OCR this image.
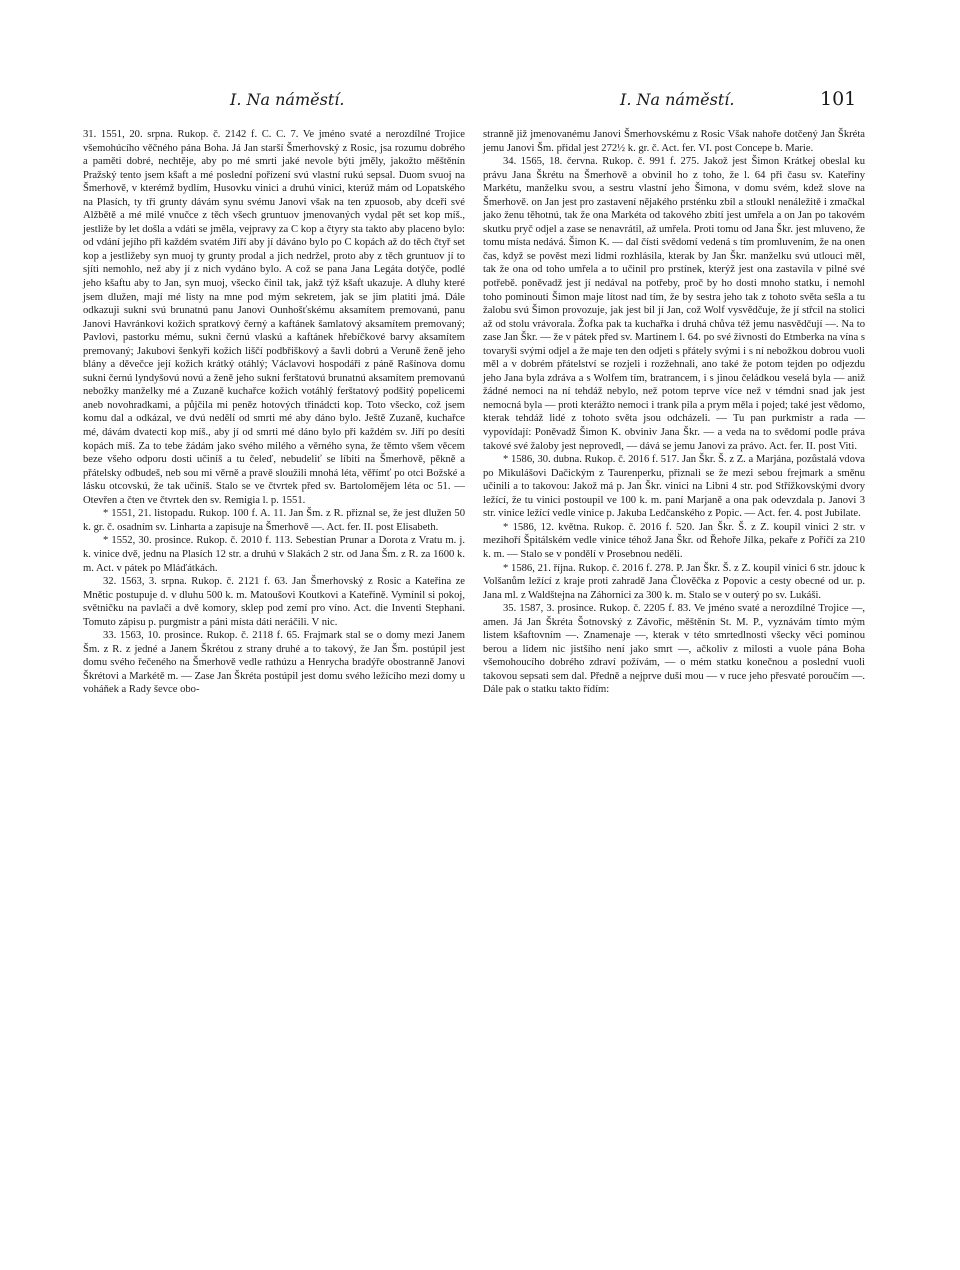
I. Na náměstí.	I. Na náměstí.	101

31. 1551, 20. srpna. Rukop. č. 2142 f. C. C. 7. Ve jméno svaté a nerozdílné Trojice všemohúcího věčného pána Boha. Já Jan starší Šmerhovský z Rosic, jsa rozumu dobrého a paměti dobré, nechtěje, aby po mé smrti jaké nevole býti jměly, jakožto měštěnín Pražský tento jsem kšaft a mé poslední pořízení svú vlastní rukú sepsal. Duom svuoj na Šmerhově, v kterémž bydlím, Husovku vinici a druhú vinici, kterúž mám od Lopatského na Plasích, ty tři grunty dávám synu svému Janovi však na ten zpuosob, aby dceři své Alžbětě a mé milé vnučce z těch všech gruntuov jmenovaných vydal pět set kop míš., jestliže by let došla a vdáti se jměla, vejpravy za C kop a čtyry sta takto aby placeno bylo: od vdání jejího při každém svatém Jiří aby jí dáváno bylo po C kopách až do těch čtyř set kop a jestližeby syn muoj ty grunty prodal a jich nedržel, proto aby z těch gruntuov jí to sjíti nemohlo, než aby jí z nich vydáno bylo. A což se pana Jana Legáta dotýče, podlé jeho kšaftu aby to Jan, syn muoj, všecko činil tak, jakž týž kšaft ukazuje. A dluhy které jsem dlužen, mají mé listy na mne pod mým sekretem, jak se jim platiti jmá. Dále odkazuji sukni svú brunatnú panu Janovi Ounhošťskému aksamítem premovanú, panu Janovi Havránkovi kožich spratkový černý a kaftánek šamlatový aksamítem premovaný; Pavlovi, pastorku mému, sukni černú vlaskú a kaftánek hřebíčkové barvy aksamítem premovaný; Jakubovi šenkyři kožich liščí podbřiškový a šavli dobrú a Veruně ženě jeho blány a děvečce její kožich krátký otáhlý; Václavovi hospodáři z páně Rašínova domu sukni černú lyndyšovú novú a ženě jeho sukni ferštatovú brunatnú aksamítem premovanú nebožky manželky mé a Zuzaně kuchařce kožich votáhlý ferštatový podšitý popelicemi aneb novohradkami, a půjčila mi peněz hotových třinádcti kop. Toto všecko, což jsem komu dal a odkázal, ve dvú nedělí od smrti mé aby dáno bylo. Ještě Zuzaně, kuchařce mé, dávám dvatecti kop míš., aby jí od smrti mé dáno bylo při každém sv. Jiří po desíti kopách míš. Za to tebe žádám jako svého milého a věrného syna, že těmto všem věcem beze všeho odporu dosti učiníš a tu čeleď, nebudeliť se líbiti na Šmerhově, pěkně a přátelsky odbudeš, neb sou mi věrně a pravě sloužili mnohá léta, věřímť po otci Božské a lásku otcovskú, že tak učiníš. Stalo se ve čtvrtek před sv. Bartolomějem léta oc 51. — Otevřen a čten ve čtvrtek den sv. Remigia l. p. 1551.

* 1551, 21. listopadu. Rukop. 100 f. A. 11. Jan Šm. z R. přiznal se, že jest dlužen 50 k. gr. č. osadním sv. Linharta a zapisuje na Šmerhově —. Act. fer. II. post Elisabeth.

* 1552, 30. prosince. Rukop. č. 2010 f. 113. Sebestian Prunar a Dorota z Vratu m. j. k. vinice dvě, jednu na Plasích 12 str. a druhú v Slakách 2 str. od Jana Šm. z R. za 1600 k. m. Act. v pátek po Mláďátkách.

32. 1563, 3. srpna. Rukop. č. 2121 f. 63. Jan Šmerhovský z Rosic a Kateřina ze Mnětic postupuje d. v dluhu 500 k. m. Matoušovi Koutkovi a Kateřině. Vymínil si pokoj, světničku na pavlači a dvě komory, sklep pod zemí pro víno. Act. die Inventi Stephani. Tomuto zápisu p. purgmistr a páni místa dáti neráčili. V nic.

33. 1563, 10. prosince. Rukop. č. 2118 f. 65. Frajmark stal se o domy mezi Janem Šm. z R. z jedné a Janem Škrétou z strany druhé a to takový, že Jan Šm. postúpil jest domu svého řečeného na Šmerhově vedle rathúzu a Henrycha bradýře obostranně Janovi Škrétovi a Markétě m. — Zase Jan Škréta postúpil jest domu svého ležícího mezi domy u voháňek a Rady ševce obo-

stranně již jmenovanému Janovi Šmerhovskému z Rosic Však nahoře dotčený Jan Škréta jemu Janovi Šm. přidal jest 272½ k. gr. č. Act. fer. VI. post Concepe b. Marie.

34. 1565, 18. června. Rukop. č. 991 f. 275. Jakož jest Šimon Krátkej obeslal ku právu Jana Škrétu na Šmerhově a obvinil ho z toho, že l. 64 při času sv. Kateřiny Markétu, manželku svou, a sestru vlastní jeho Šimona, v domu svém, kdež slove na Šmerhově. on Jan jest pro zastavení nějakého prsténku zbil a stloukl nenáležitě i zmačkal jako ženu těhotnú, tak že ona Markéta od takového zbití jest umřela a on Jan po takovém skutku pryč odjel a zase se nenavrátil, až umřela. Proti tomu od Jana Škr. jest mluveno, že tomu místa nedává. Šimon K. — dal čísti svědomí vedená s tím promluvením, že na onen čas, když se pověst mezi lidmi rozhlásila, kterak by Jan Škr. manželku svú utlouci měl, tak že ona od toho umřela a to učinil pro prstínek, kterýž jest ona zastavila v pilné své potřebě. poněvadž jest jí nedával na potřeby, proč by ho dosti mnoho statku, i nemohl toho pominouti Šimon maje lítost nad tím, že by sestra jeho tak z tohoto světa sešla a tu žalobu svú Šimon provozuje, jak jest bil jí Jan, což Wolf vysvědčuje, že jí střcil na stolici až od stolu vrávorala. Žofka pak ta kuchařka i druhá chůva též jemu nasvědčují —. Na to zase Jan Škr. — že v pátek před sv. Martinem l. 64. po své živnosti do Etmberka na vína s tovaryši svými odjel a že maje ten den odjeti s přátely svými i s ní nebožkou dobrou vuoli měl a v dobrém přátelství se rozjeli i rozžehnali, ano také že potom tejden po odjezdu jeho Jana byla zdráva a s Wolfem tím, bratrancem, i s jinou čeládkou veselá byla — aniž žádné nemoci na ní tehdáž nebylo, než potom teprve více než v témdni snad jak jest nemocná byla — proti kterážto nemoci i trank pila a prym měla i pojed; také jest vědomo, kterak tehdáž lidé z tohoto světa jsou odcházeli. — Tu pan purkmistr a rada — vypovídají: Poněvadž Šimon K. obviniv Jana Škr. — a veda na to svědomí podle práva takové své žaloby jest neprovedl, — dává se jemu Janovi za právo. Act. fer. II. post Viti.

* 1586, 30. dubna. Rukop. č. 2016 f. 517. Jan Škr. Š. z Z. a Marjána, pozůstalá vdova po Mikulášovi Dačickým z Taurenperku, přiznali se že mezi sebou frejmark a směnu učinili a to takovou: Jakož má p. Jan Škr. vinici na Libni 4 str. pod Střížkovskými dvory ležící, že tu vinici postoupil ve 100 k. m. paní Marjaně a ona pak odevzdala p. Janovi 3 str. vinice ležící vedle vinice p. Jakuba Ledčanského z Popic. — Act. fer. 4. post Jubilate.

* 1586, 12. května. Rukop. č. 2016 f. 520. Jan Škr. Š. z Z. koupil vinici 2 str. v mezihoří Špitálském vedle vinice téhož Jana Škr. od Řehoře Jílka, pekaře z Poříčí za 210 k. m. — Stalo se v pondělí v Prosebnou neděli.

* 1586, 21. října. Rukop. č. 2016 f. 278. P. Jan Škr. Š. z Z. koupil vinici 6 str. jdouc k Volšanům ležící z kraje proti zahradě Jana Člověčka z Popovic a cesty obecné od ur. p. Jana ml. z Waldštejna na Záhornici za 300 k. m. Stalo se v outerý po sv. Lukáši.

35. 1587, 3. prosince. Rukop. č. 2205 f. 83. Ve jméno svaté a nerozdílné Trojice —, amen. Já Jan Škréta Šotnovský z Závořic, měštěnín St. M. P., vyznávám tímto mým listem kšaftovním —. Znamenaje —, kterak v této smrtedlnosti všecky věci pominou berou a lidem nic jistšího není jako smrt —, ačkoliv z milosti a vuole pána Boha všemohoucího dobrého zdraví požívám, — o mém statku konečnou a poslední vuoli takovou sepsati sem dal. Předně a nejprve duši mou — v ruce jeho přesvaté poroučím —. Dále pak o statku takto řídím:
